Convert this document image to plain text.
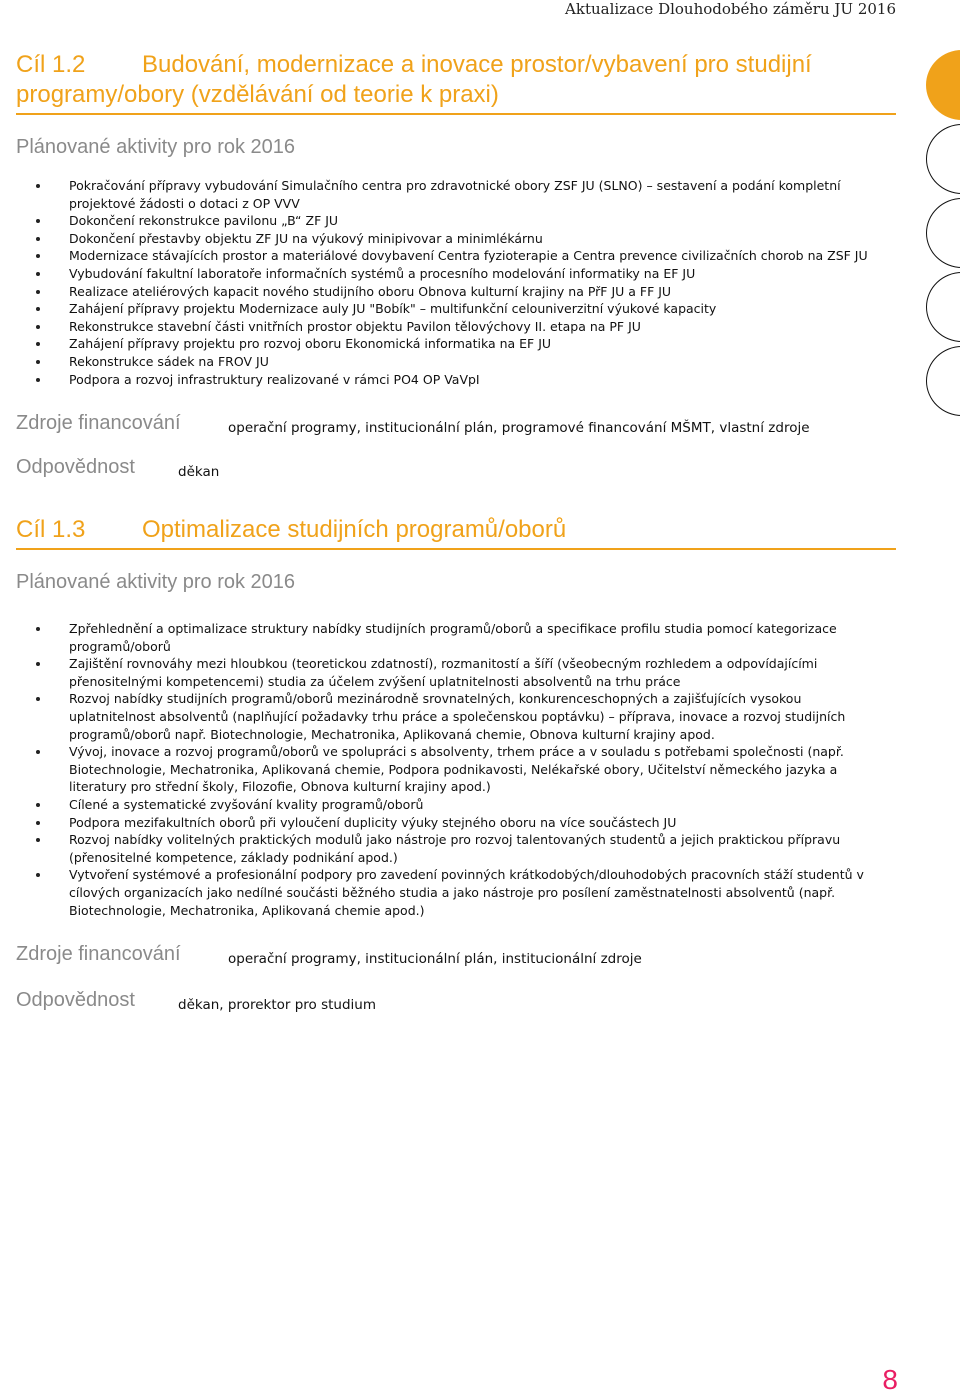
Aktualizace Dlouhodobého záměru JU 2016
Cíl 1.2 Budování, modernizace a inovace prostor/vybavení pro studijní
programy/obory (vzdělávání od teorie k praxi)
Plánované aktivity pro rok 2016
Pokračování přípravy vybudování Simulačního centra pro zdravotnické obory ZSF JU (SLNO) – sestavení a podání kompletní projektové žádosti o dotaci z OP VVV
Dokončení rekonstrukce pavilonu „B“ ZF JU
Dokončení přestavby objektu ZF JU na výukový minipivovar a minimlékárnu
Modernizace stávajících prostor a materiálové dovybavení Centra fyzioterapie a Centra prevence civilizačních chorob na ZSF JU
Vybudování fakultní laboratoře informačních systémů a procesního modelování informatiky na EF JU
Realizace ateliérových kapacit nového studijního oboru Obnova kulturní krajiny na PřF JU a FF JU
Zahájení přípravy projektu Modernizace auly JU "Bobík" – multifunkční celouniverzitní výukové kapacity
Rekonstrukce stavební části vnitřních prostor objektu Pavilon tělovýchovy II. etapa na PF JU
Zahájení přípravy projektu pro rozvoj oboru Ekonomická informatika na EF JU
Rekonstrukce sádek na FROV JU
Podpora a rozvoj infrastruktury realizované v rámci PO4 OP VaVpI
Zdroje financování	operační programy, institucionální plán, programové financování MŠMT, vlastní zdroje
Odpovědnost	děkan
Cíl 1.3 Optimalizace studijních programů/oborů
Plánované aktivity pro rok 2016
Zpřehlednění a optimalizace struktury nabídky studijních programů/oborů a specifikace profilu studia pomocí kategorizace programů/oborů
Zajištění rovnováhy mezi hloubkou (teoretickou zdatností), rozmanitostí a šíří (všeobecným rozhledem a odpovídajícími přenositelnými kompetencemi) studia za účelem zvýšení uplatnitelnosti absolventů na trhu práce
Rozvoj nabídky studijních programů/oborů mezinárodně srovnatelných, konkurenceschopných a zajišťujících vysokou uplatnitelnost absolventů (naplňující požadavky trhu práce a společenskou poptávku) – příprava, inovace a rozvoj studijních programů/oborů např. Biotechnologie, Mechatronika, Aplikovaná chemie, Obnova kulturní krajiny apod.
Vývoj, inovace a rozvoj programů/oborů ve spolupráci s absolventy, trhem práce a v souladu s potřebami společnosti (např. Biotechnologie, Mechatronika, Aplikovaná chemie, Podpora podnikavosti, Nelékařské obory, Učitelství německého jazyka a literatury pro střední školy, Filozofie, Obnova kulturní krajiny apod.)
Cílené a systematické zvyšování kvality programů/oborů
Podpora mezifakultních oborů při vyloučení duplicity výuky stejného oboru na více součástech JU
Rozvoj nabídky volitelných praktických modulů jako nástroje pro rozvoj talentovaných studentů a jejich praktickou přípravu (přenositelné kompetence, základy podnikání apod.)
Vytvoření systémové a profesionální podpory pro zavedení povinných krátkodobých/dlouhodobých pracovních stáží studentů v cílových organizacích jako nedílné součásti běžného studia a jako nástroje pro posílení zaměstnatelnosti absolventů (např. Biotechnologie, Mechatronika, Aplikovaná chemie apod.)
Zdroje financování	operační programy, institucionální plán, institucionální zdroje
Odpovědnost	děkan, prorektor pro studium
8
